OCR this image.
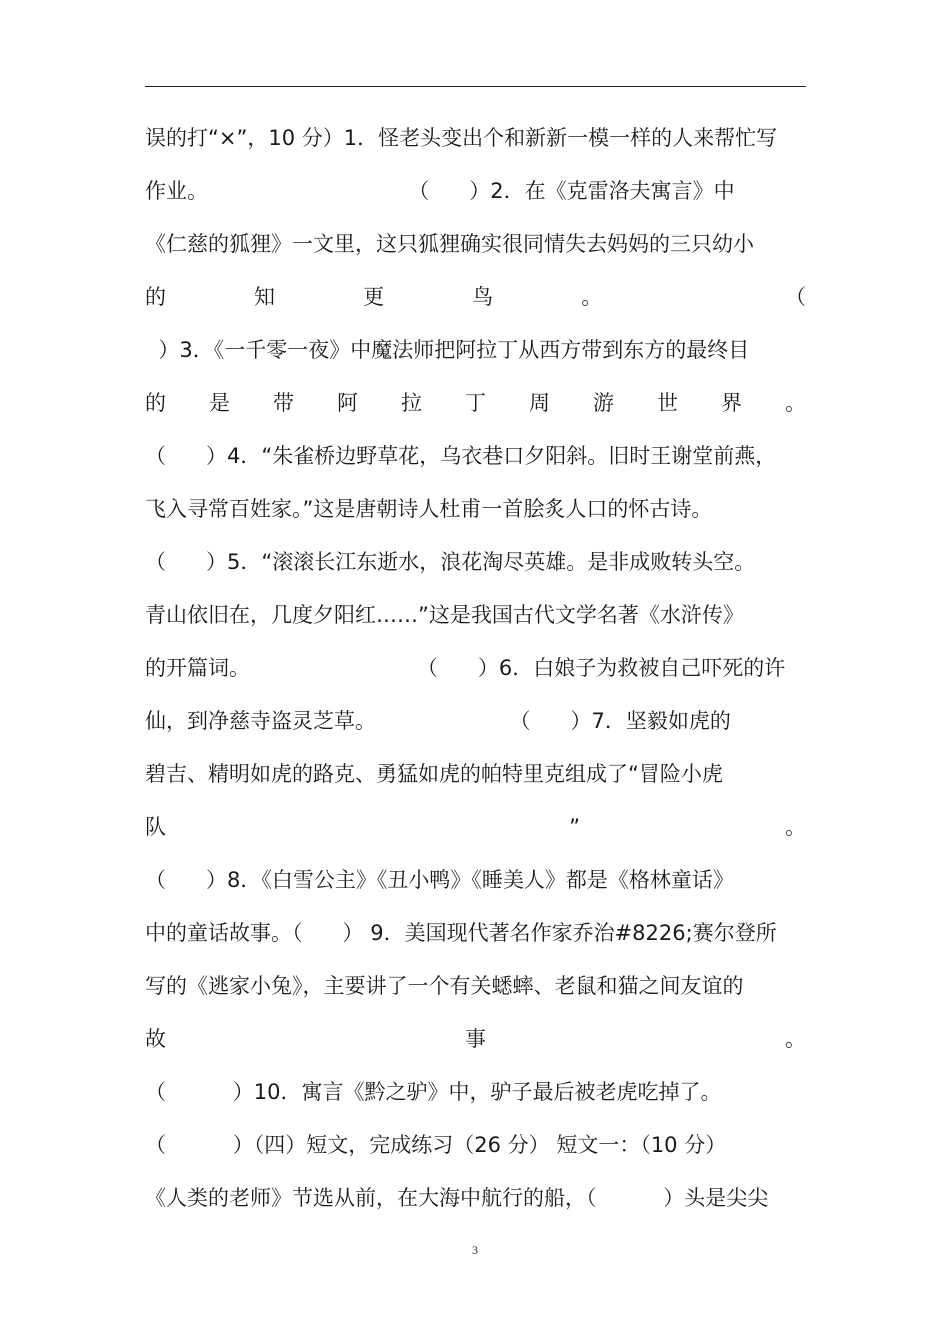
误的打“×”，10 分）1．怪老头变出个和新新一模一样的人来帮忙写
作业。                              （      ）2．在《克雷洛夫寓言》中
《仁慈的狐狸》一文里，这只狐狸确实很同情失去妈妈的三只幼小
的知更鸟。 （
）3．《一千零一夜》中魔法师把阿拉丁从西方带到东方的最终目
的 是 带 阿 拉 丁 周 游 世 界 。
（      ）4．“朱雀桥边野草花，乌衣巷口夕阳斜。旧时王谢堂前燕，
飞入寻常百姓家。”这是唐朝诗人杜甫一首脍炙人口的怀古诗。
（      ）5．“滚滚长江东逝水，浪花淘尽英雄。是非成败转头空。
青山依旧在，几度夕阳红……”这是我国古代文学名著《水浒传》
的开篇词。                         （      ）6．白娘子为救被自己吓死的许
仙，到净慈寺盗灵芝草。                    （      ）7．坚毅如虎的
碧吉、精明如虎的路克、勇猛如虎的帕特里克组成了“冒险小虎
队 ” 。
（      ）8．《白雪公主》《丑小鸭》《睡美人》都是《格林童话》
中的童话故事。（      ） 9．美国现代著名作家乔治#8226;赛尔登所
写的《逃家小兔》，主要讲了一个有关蟋蟀、老鼠和猫之间友谊的
故 事 。
（          ）10．寓言《黔之驴》中，驴子最后被老虎吃掉了。
（          ）（四）短文，完成练习（26 分） 短文一：（10 分）
《人类的老师》节选从前，在大海中航行的船，（          ）头是尖尖
3
